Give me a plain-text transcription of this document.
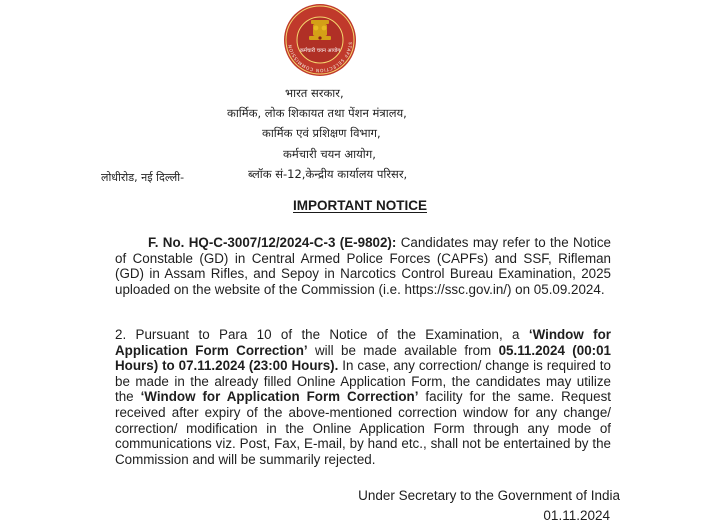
कर्मचारी चयन आयोग
STAFF SELECTION COMMISSION
भारत सरकार,
कार्मिक, लोक शिकायत तथा पेंशन मंत्रालय,
कार्मिक एवं प्रशिक्षण विभाग,
कर्मचारी चयन आयोग,
ब्लॉक सं-12,केन्द्रीय कार्यालय परिसर,
लोधीरोड, नई दिल्ली-
IMPORTANT NOTICE
F. No. HQ-C-3007/12/2024-C-3 (E-9802): Candidates may refer to the Notice of Constable (GD) in Central Armed Police Forces (CAPFs) and SSF, Rifleman (GD) in Assam Rifles, and Sepoy in Narcotics Control Bureau Examination, 2025 uploaded on the website of the Commission (i.e. https://ssc.gov.in/) on 05.09.2024.
2. Pursuant to Para 10 of the Notice of the Examination, a ‘Window for Application Form Correction’ will be made available from 05.11.2024 (00:01 Hours) to 07.11.2024 (23:00 Hours). In case, any correction/ change is required to be made in the already filled Online Application Form, the candidates may utilize the ‘Window for Application Form Correction’ facility for the same. Request received after expiry of the above-mentioned correction window for any change/ correction/ modification in the Online Application Form through any mode of communications viz. Post, Fax, E-mail, by hand etc., shall not be entertained by the Commission and will be summarily rejected.
Under Secretary to the Government of India
01.11.2024
